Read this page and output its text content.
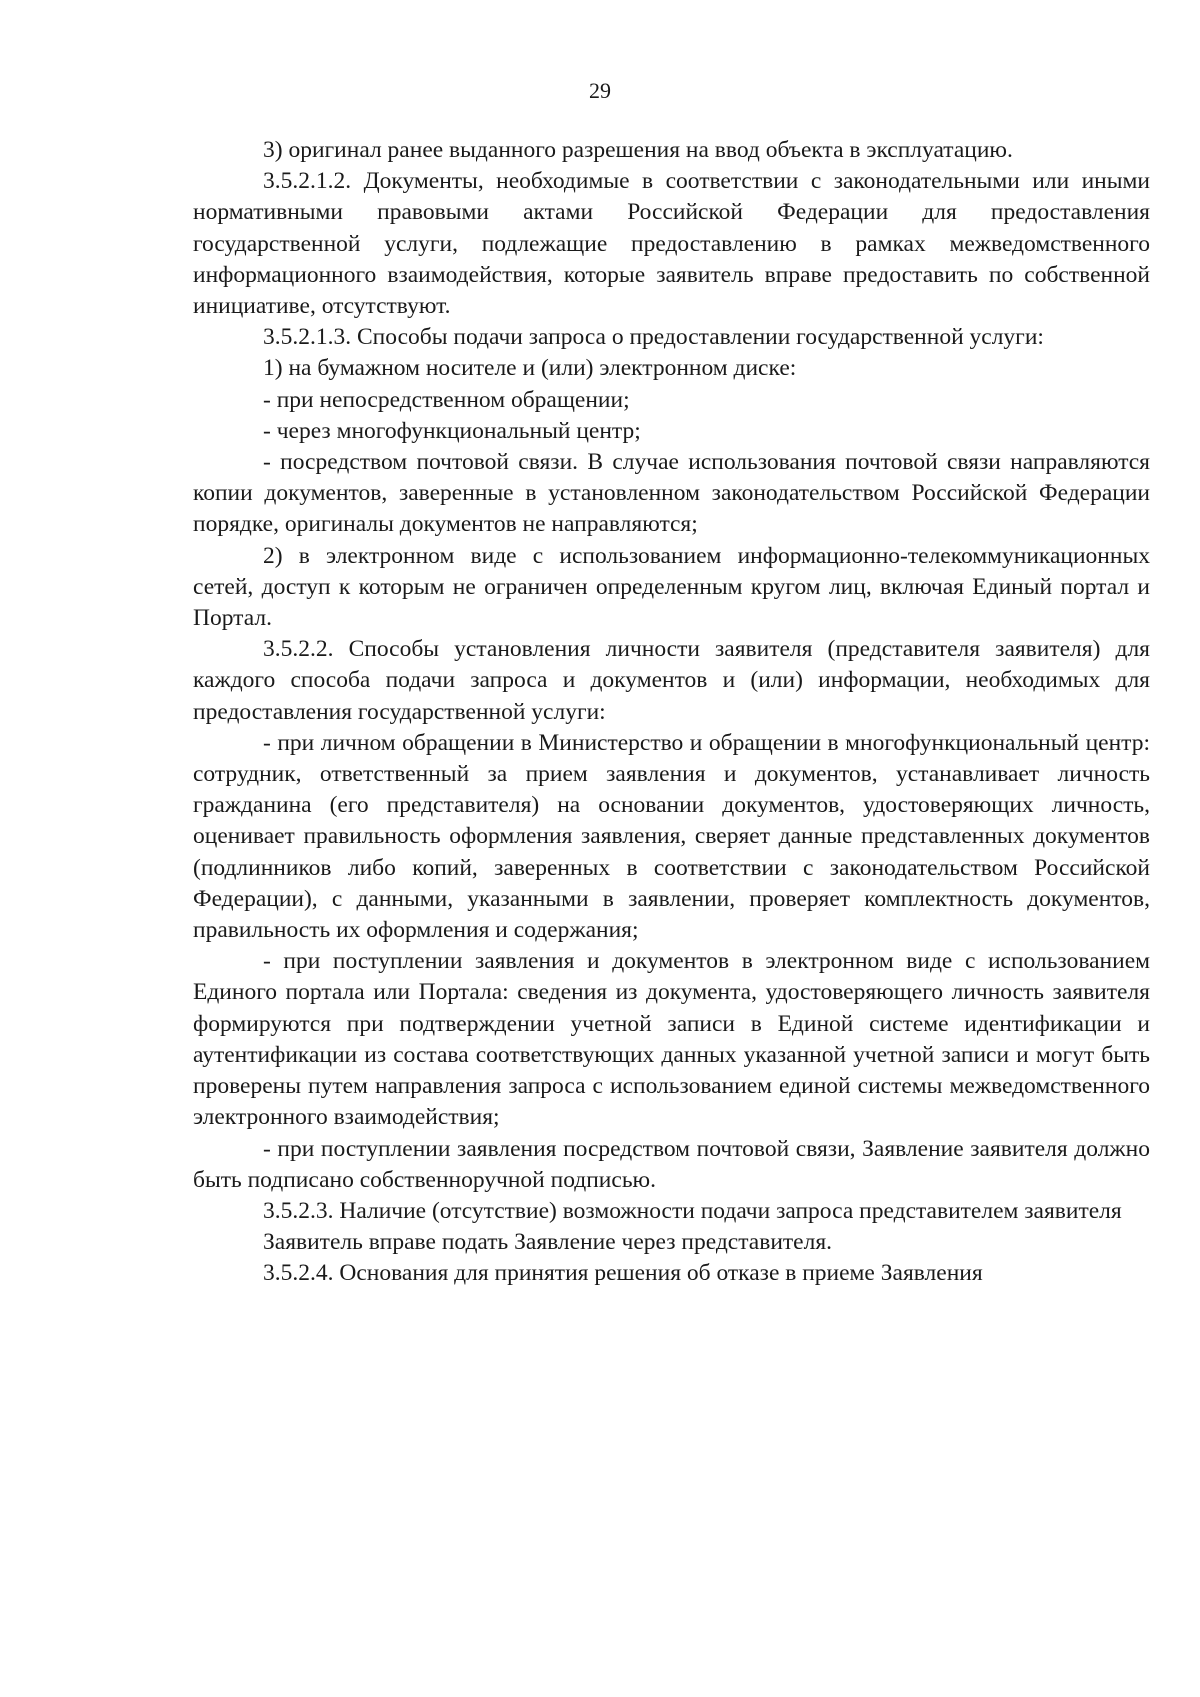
29

3) оригинал ранее выданного разрешения на ввод объекта в эксплуатацию.

3.5.2.1.2. Документы, необходимые в соответствии с законодательными или иными нормативными правовыми актами Российской Федерации для предоставления государственной услуги, подлежащие предоставлению в рамках межведомственного информационного взаимодействия, которые заявитель вправе предоставить по собственной инициативе, отсутствуют.

3.5.2.1.3. Способы подачи запроса о предоставлении государственной услуги:

1) на бумажном носителе и (или) электронном диске:

- при непосредственном обращении;

- через многофункциональный центр;

- посредством почтовой связи. В случае использования почтовой связи направляются копии документов, заверенные в установленном законодательством Российской Федерации порядке, оригиналы документов не направляются;

2) в электронном виде с использованием информационно-телекоммуникационных сетей, доступ к которым не ограничен определенным кругом лиц, включая Единый портал и Портал.

3.5.2.2. Способы установления личности заявителя (представителя заявителя) для каждого способа подачи запроса и документов и (или) информации, необходимых для предоставления государственной услуги:

- при личном обращении в Министерство и обращении в многофункциональный центр: сотрудник, ответственный за прием заявления и документов, устанавливает личность гражданина (его представителя) на основании документов, удостоверяющих личность, оценивает правильность оформления заявления, сверяет данные представленных документов (подлинников либо копий, заверенных в соответствии с законодательством Российской Федерации), с данными, указанными в заявлении, проверяет комплектность документов, правильность их оформления и содержания;

- при поступлении заявления и документов в электронном виде с использованием Единого портала или Портала: сведения из документа, удостоверяющего личность заявителя формируются при подтверждении учетной записи в Единой системе идентификации и аутентификации из состава соответствующих данных указанной учетной записи и могут быть проверены путем направления запроса с использованием единой системы межведомственного электронного взаимодействия;

- при поступлении заявления посредством почтовой связи, Заявление заявителя должно быть подписано собственноручной подписью.

3.5.2.3. Наличие (отсутствие) возможности подачи запроса представителем заявителя

Заявитель вправе подать Заявление через представителя.

3.5.2.4. Основания для принятия решения об отказе в приеме Заявления
